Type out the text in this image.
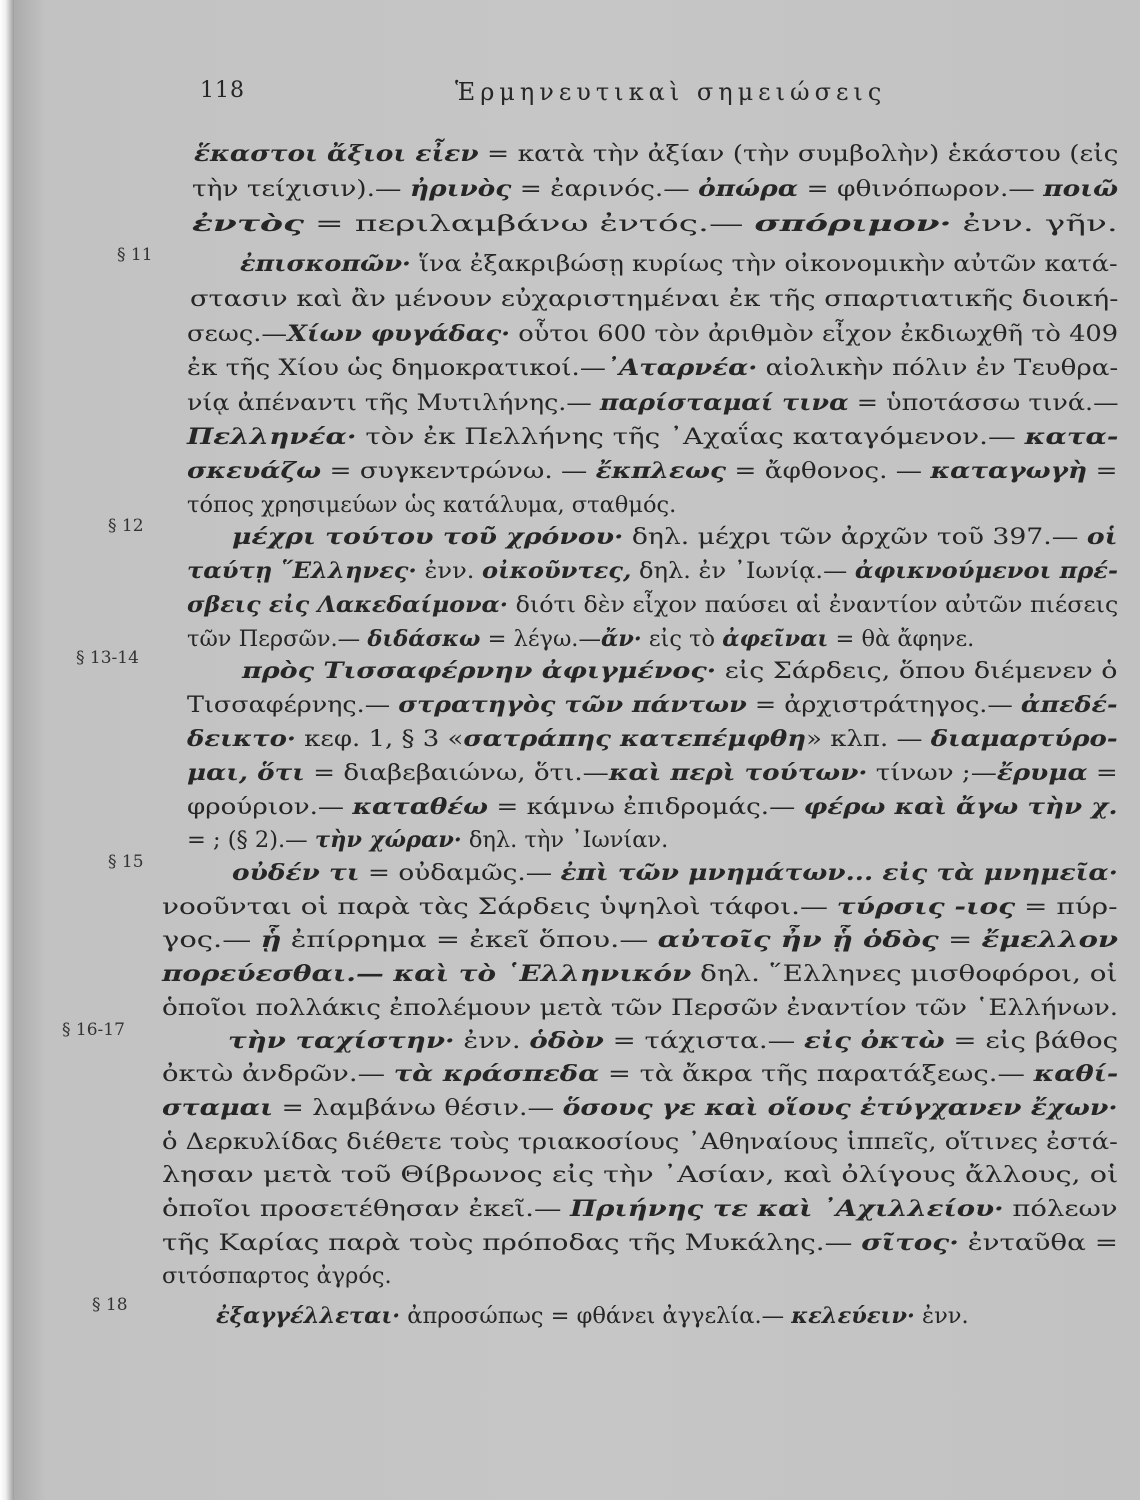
118	Ἑρμηνευτικαὶ σημειώσεις
§ 11
§ 12
§ 13-14
§ 15
§ 16-17
§ 18
ἕκαστοι ἄξιοι εἶεν = κατὰ τὴν ἀξίαν (τὴν συμβολὴν) ἑκάστου (εἰς
τὴν τείχισιν).— ἠρινὸς = ἐαρινός.— ὀπώρα = φθινόπωρον.— ποιῶ
ἐντὸς = περιλαμβάνω ἐντός.— σπόριμον· ἐνν. γῆν.
ἐπισκοπῶν· ἵνα ἐξακριβώσῃ κυρίως τὴν οἰκονομικὴν αὐτῶν κατά-
στασιν καὶ ἂν μένουν εὐχαριστημέναι ἐκ τῆς σπαρτιατικῆς διοική-
σεως.—Χίων φυγάδας· οὗτοι 600 τὸν ἀριθμὸν εἶχον ἐκδιωχθῆ τὸ 409
ἐκ τῆς Χίου ὡς δημοκρατικοί.—᾿Αταρνέα· αἰολικὴν πόλιν ἐν Τευθρα-
νίᾳ ἀπέναντι τῆς Μυτιλήνης.— παρίσταμαί τινα = ὑποτάσσω τινά.—
Πελληνέα· τὸν ἐκ Πελλήνης τῆς ᾿Αχαΐας καταγόμενον.— κατα-
σκευάζω = συγκεντρώνω. — ἔκπλεως = ἄφθονος. — καταγωγὴ =
τόπος χρησιμεύων ὡς κατάλυμα, σταθμός.
μέχρι τούτου τοῦ χρόνου· δηλ. μέχρι τῶν ἀρχῶν τοῦ 397.— οἱ
ταύτῃ ῞Ελληνες· ἐνν. οἰκοῦντες, δηλ. ἐν ᾿Ιωνίᾳ.— ἀφικνούμενοι πρέ-
σβεις εἰς Λακεδαίμονα· διότι δὲν εἶχον παύσει αἱ ἐναντίον αὐτῶν πιέσεις
τῶν Περσῶν.— διδάσκω = λέγω.—ἄν· εἰς τὸ ἀφεῖναι = θὰ ἄφηνε.
πρὸς Τισσαφέρνην ἀφιγμένος· εἰς Σάρδεις, ὅπου διέμενεν ὁ
Τισσαφέρνης.— στρατηγὸς τῶν πάντων = ἀρχιστράτηγος.— ἀπεδέ-
δεικτο· κεφ. 1, § 3 «σατράπης κατεπέμφθη» κλπ. — διαμαρτύρο-
μαι, ὅτι = διαβεβαιώνω, ὅτι.—καὶ περὶ τούτων· τίνων ;—ἔρυμα =
φρούριον.— καταθέω = κάμνω ἐπιδρομάς.— φέρω καὶ ἄγω τὴν χ.
= ; (§ 2).— τὴν χώραν· δηλ. τὴν ᾿Ιωνίαν.
οὐδέν τι = οὐδαμῶς.— ἐπὶ τῶν μνημάτων... εἰς τὰ μνημεῖα·
νοοῦνται οἱ παρὰ τὰς Σάρδεις ὑψηλοὶ τάφοι.— τύρσις -ιος = πύρ-
γος.— ᾗ ἐπίρρημα = ἐκεῖ ὅπου.— αὐτοῖς ἦν ᾗ ὁδὸς = ἔμελλον
πορεύεσθαι.— καὶ τὸ ῾Ελληνικόν δηλ. ῞Ελληνες μισθοφόροι, οἱ
ὁποῖοι πολλάκις ἐπολέμουν μετὰ τῶν Περσῶν ἐναντίον τῶν ῾Ελλήνων.
τὴν ταχίστην· ἐνν. ὁδὸν = τάχιστα.— εἰς ὀκτὼ = εἰς βάθος
ὀκτὼ ἀνδρῶν.— τὰ κράσπεδα = τὰ ἄκρα τῆς παρατάξεως.— καθί-
σταμαι = λαμβάνω θέσιν.— ὅσους γε καὶ οἵους ἐτύγχανεν ἔχων·
ὁ Δερκυλίδας διέθετε τοὺς τριακοσίους ᾿Αθηναίους ἱππεῖς, οἵτινες ἐστά-
λησαν μετὰ τοῦ Θίβρωνος εἰς τὴν ᾿Ασίαν, καὶ ὀλίγους ἄλλους, οἱ
ὁποῖοι προσετέθησαν ἐκεῖ.— Πριήνης τε καὶ ᾿Αχιλλείου· πόλεων
τῆς Καρίας παρὰ τοὺς πρόποδας τῆς Μυκάλης.— σῖτος· ἐνταῦθα =
σιτόσπαρτος ἀγρός.
ἐξαγγέλλεται· ἀπροσώπως = φθάνει ἀγγελία.— κελεύειν· ἐνν.
